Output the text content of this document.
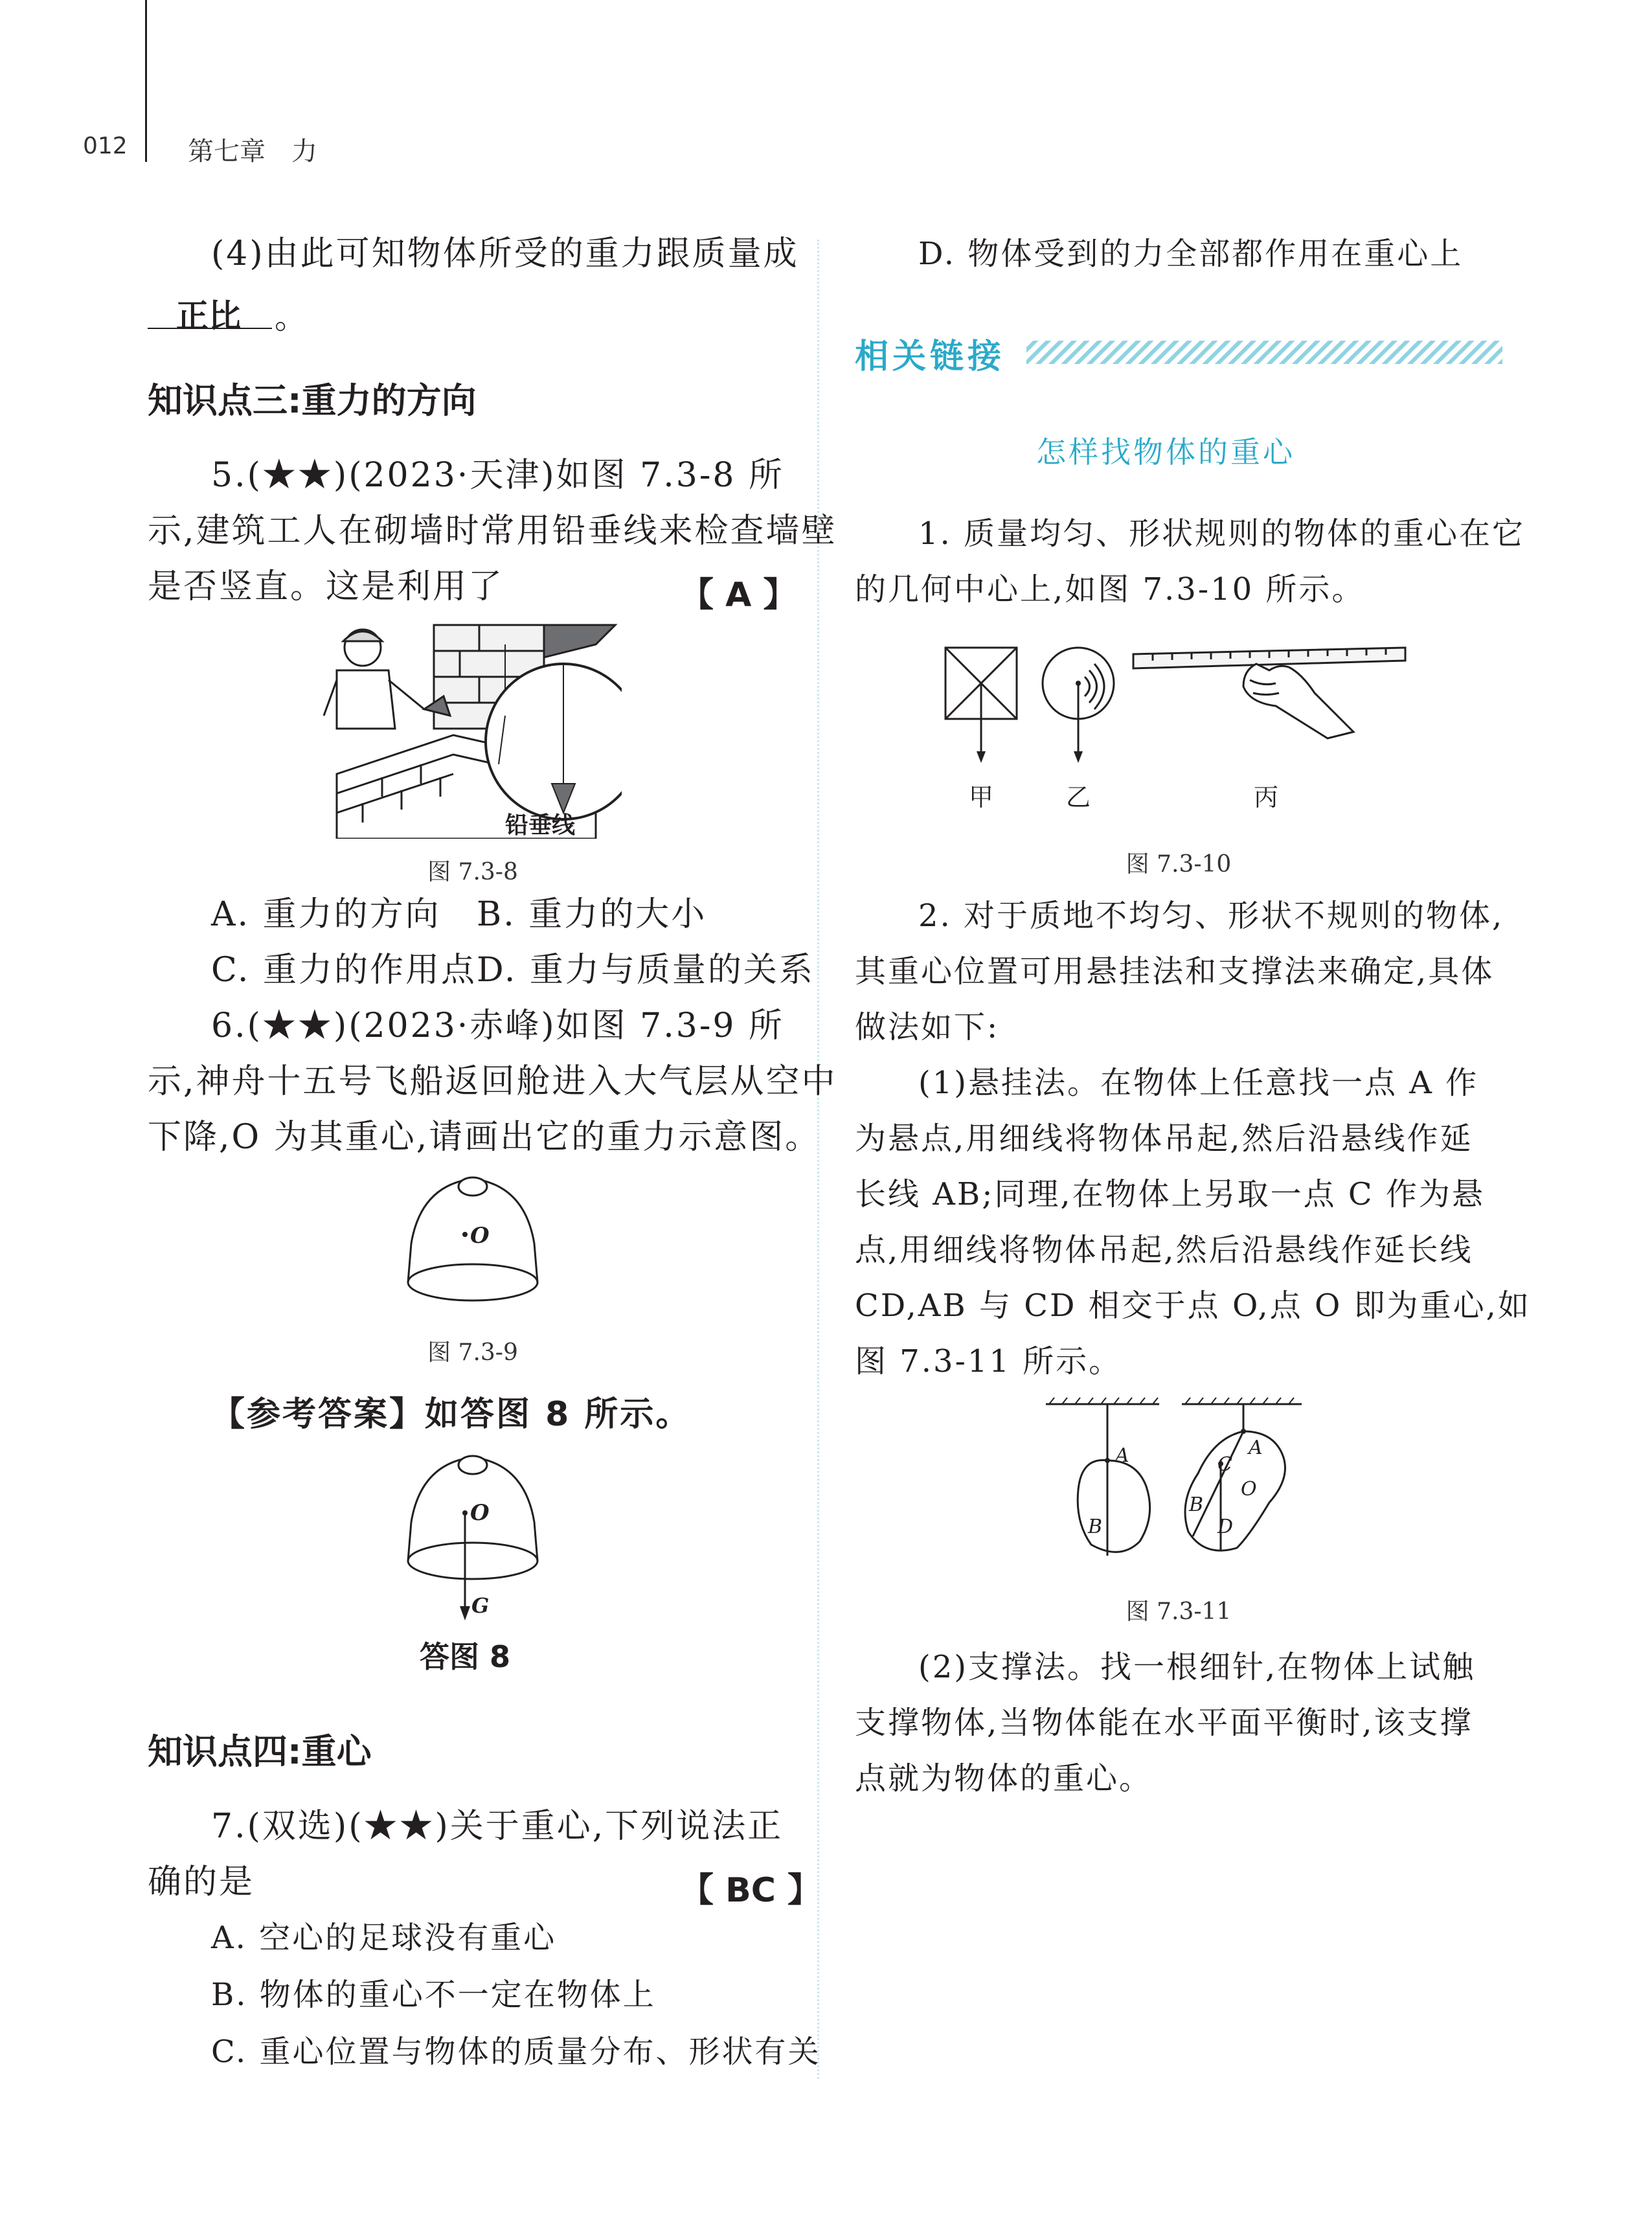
012 第七章　力
(4)由此可知物体所受的重力跟质量成
正比 。
知识点三:重力的方向
5.(★★)(2023·天津)如图 7.3-8 所
示,建筑工人在砌墙时常用铅垂线来检查墙壁
是否竖直。这是利用了	【 A 】
铅垂线
图 7.3-8
A. 重力的方向 B. 重力的大小
C. 重力的作用点 D. 重力与质量的关系
6.(★★)(2023·赤峰)如图 7.3-9 所
示,神舟十五号飞船返回舱进入大气层从空中
下降,O 为其重心,请画出它的重力示意图。
O
图 7.3-9
【参考答案】如答图 8 所示。
O
G
答图 8
知识点四:重心
7.(双选)(★★)关于重心,下列说法正
确的是	【 BC 】
A. 空心的足球没有重心
B. 物体的重心不一定在物体上
C. 重心位置与物体的质量分布、形状有关
D. 物体受到的力全部都作用在重心上
相关链接
怎样找物体的重心
1. 质量均匀、形状规则的物体的重心在它
的几何中心上,如图 7.3-10 所示。
甲	乙	丙
图 7.3-10
2. 对于质地不均匀、形状不规则的物体,
其重心位置可用悬挂法和支撑法来确定,具体
做法如下:
(1)悬挂法。在物体上任意找一点 A 作
为悬点,用细线将物体吊起,然后沿悬线作延
长线 AB;同理,在物体上另取一点 C 作为悬
点,用细线将物体吊起,然后沿悬线作延长线
CD,AB 与 CD 相交于点 O,点 O 即为重心,如
图 7.3-11 所示。
A
B
C
A
O
B
D
图 7.3-11
(2)支撑法。找一根细针,在物体上试触
支撑物体,当物体能在水平面平衡时,该支撑
点就为物体的重心。
